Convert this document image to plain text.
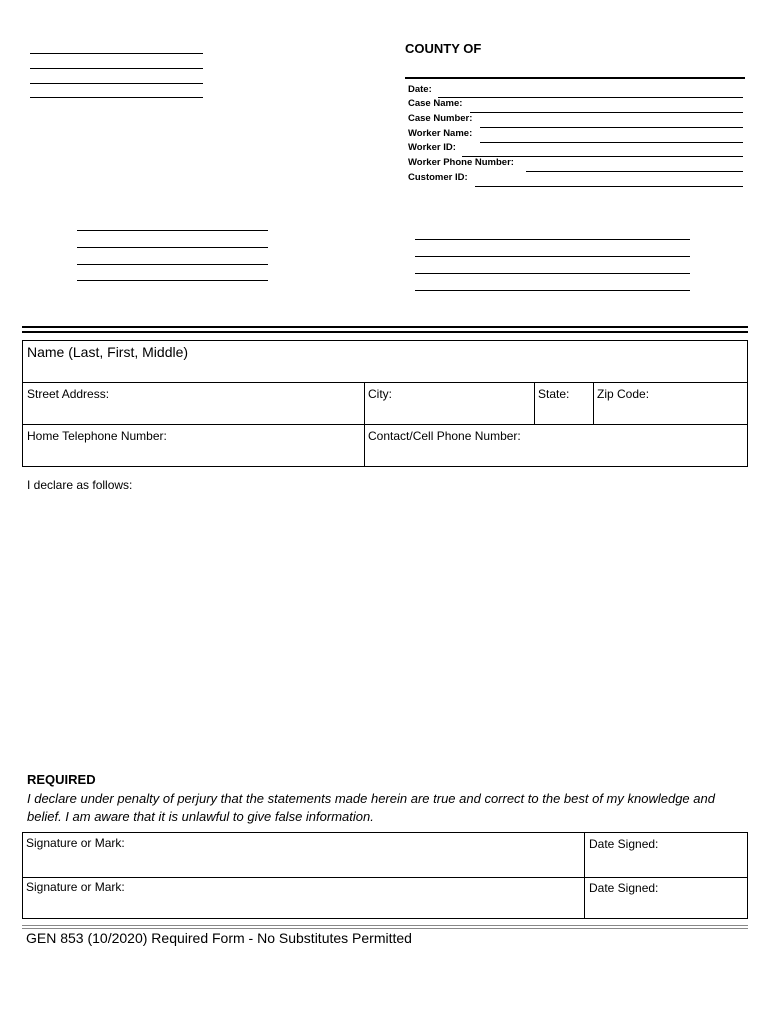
COUNTY OF
Date:
Case Name:
Case Number:
Worker Name:
Worker ID:
Worker Phone Number:
Customer ID:
Name (Last, First, Middle)
Street Address:	City:	State: Zip Code:
Home Telephone Number:	Contact/Cell Phone Number:
I declare as follows:
REQUIRED
I declare under penalty of perjury that the statements made herein are true and correct to the best of my knowledge and belief. I am aware that it is unlawful to give false information.
Signature or Mark:	Date Signed:
Signature or Mark:	Date Signed:
GEN 853 (10/2020) Required Form - No Substitutes Permitted
